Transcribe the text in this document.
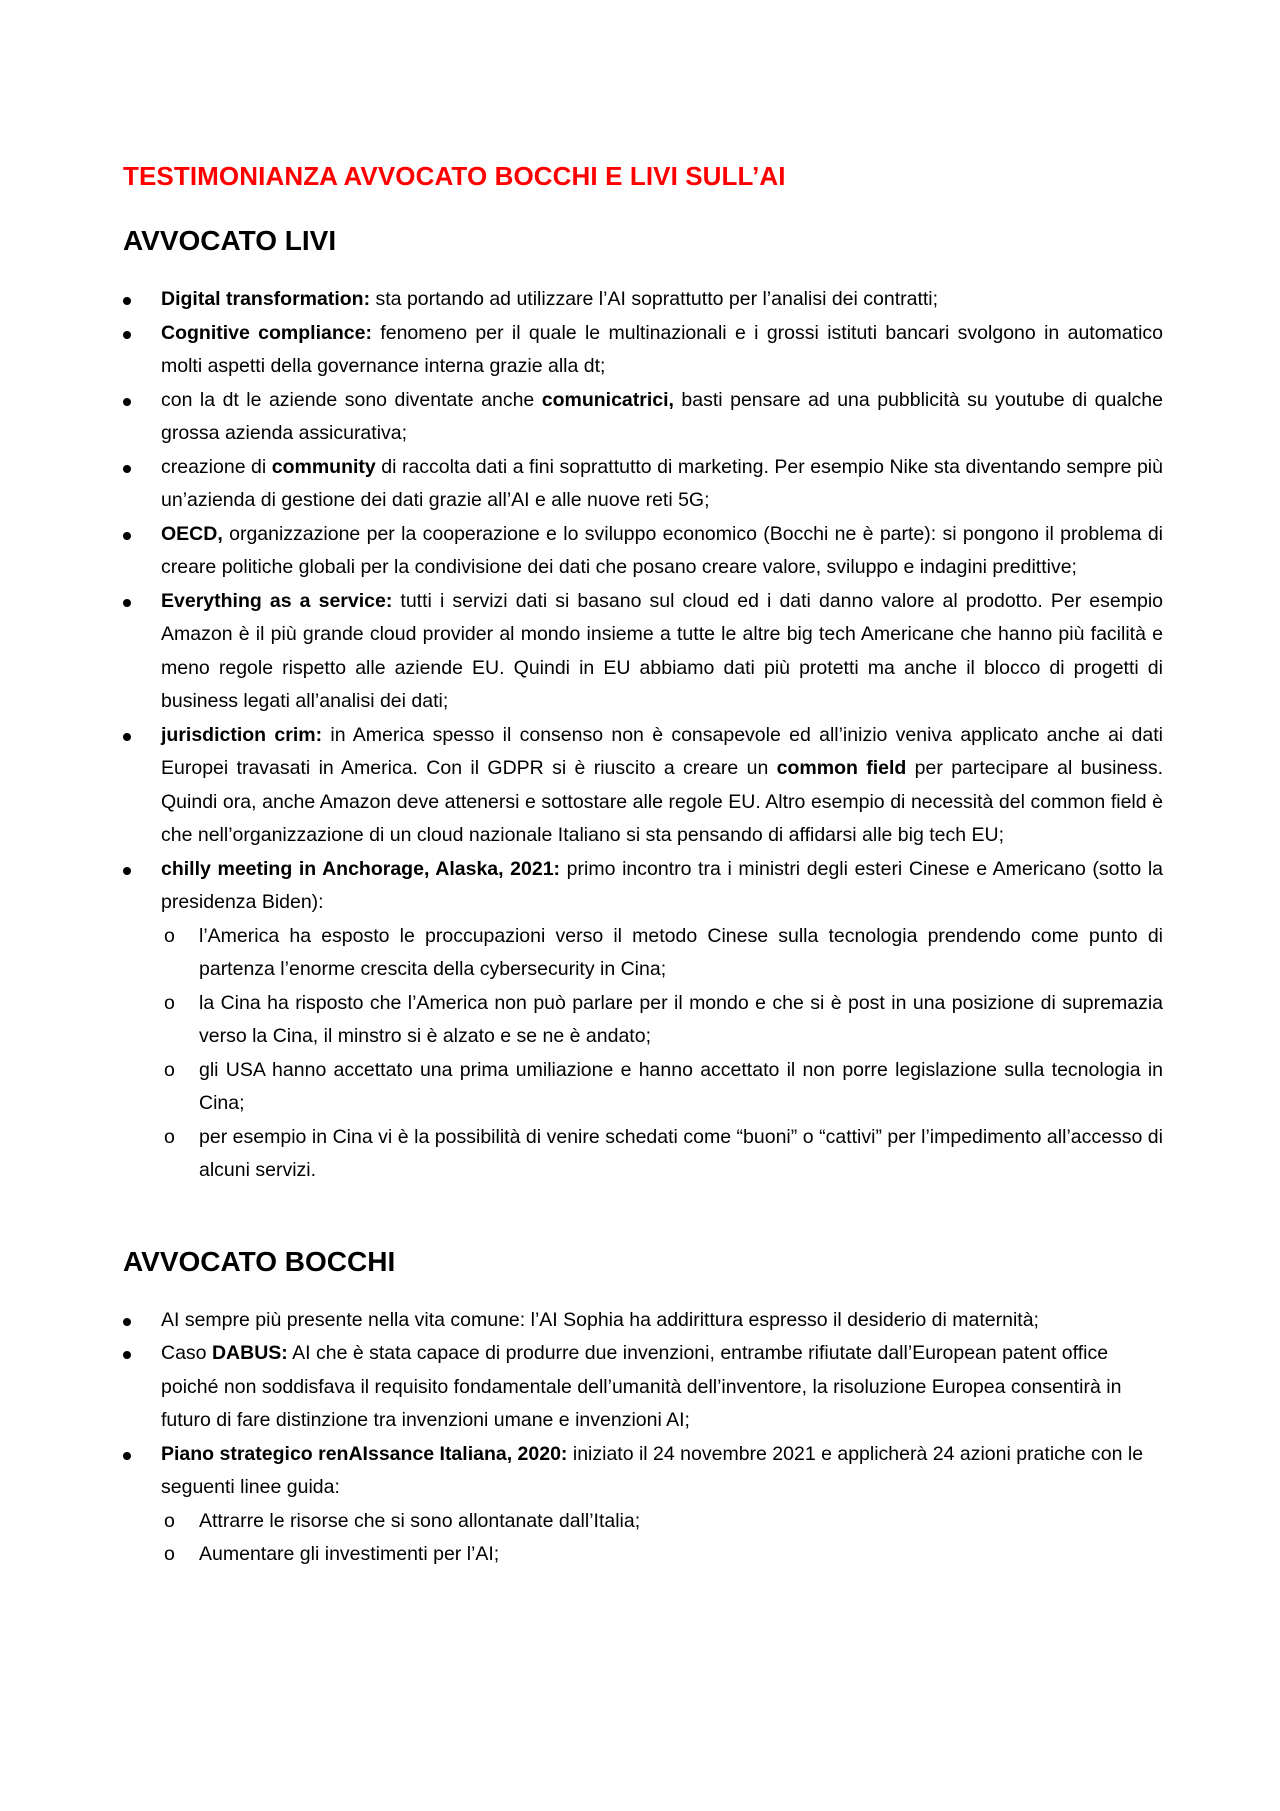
TESTIMONIANZA AVVOCATO BOCCHI E LIVI SULL’AI
AVVOCATO LIVI
Digital transformation: sta portando ad utilizzare l’AI soprattutto per l’analisi dei contratti;
Cognitive compliance: fenomeno per il quale le multinazionali e i grossi istituti bancari svolgono in automatico molti aspetti della governance interna grazie alla dt;
con la dt le aziende sono diventate anche comunicatrici, basti pensare ad una pubblicità su youtube di qualche grossa azienda assicurativa;
creazione di community di raccolta dati a fini soprattutto di marketing. Per esempio Nike sta diventando sempre più un’azienda di gestione dei dati grazie all’AI e alle nuove reti 5G;
OECD, organizzazione per la cooperazione e lo sviluppo economico (Bocchi ne è parte): si pongono il problema di creare politiche globali per la condivisione dei dati che posano creare valore, sviluppo e indagini predittive;
Everything as a service: tutti i servizi dati si basano sul cloud ed i dati danno valore al prodotto. Per esempio Amazon è il più grande cloud provider al mondo insieme a tutte le altre big tech Americane che hanno più facilità e meno regole rispetto alle aziende EU. Quindi in EU abbiamo dati più protetti ma anche il blocco di progetti di business legati all’analisi dei dati;
jurisdiction crim: in America spesso il consenso non è consapevole ed all’inizio veniva applicato anche ai dati Europei travasati in America. Con il GDPR si è riuscito a creare un common field per partecipare al business. Quindi ora, anche Amazon deve attenersi e sottostare alle regole EU. Altro esempio di necessità del common field è che nell’organizzazione di un cloud nazionale Italiano si sta pensando di affidarsi alle big tech EU;
chilly meeting in Anchorage, Alaska, 2021: primo incontro tra i ministri degli esteri Cinese e Americano (sotto la presidenza Biden):
o l’America ha esposto le proccupazioni verso il metodo Cinese sulla tecnologia prendendo come punto di partenza l’enorme crescita della cybersecurity in Cina;
o la Cina ha risposto che l’America non può parlare per il mondo e che si è post in una posizione di supremazia verso la Cina, il minstro si è alzato e se ne è andato;
o gli USA hanno accettato una prima umiliazione e hanno accettato il non porre legislazione sulla tecnologia in Cina;
o per esempio in Cina vi è la possibilità di venire schedati come “buoni” o “cattivi” per l’impedimento all’accesso di alcuni servizi.
AVVOCATO BOCCHI
AI sempre più presente nella vita comune: l’AI Sophia ha addirittura espresso il desiderio di maternità;
Caso DABUS: AI che è stata capace di produrre due invenzioni, entrambe rifiutate dall’European patent office poiché non soddisfava il requisito fondamentale dell’umanità dell’inventore, la risoluzione Europea consentirà in futuro di fare distinzione tra invenzioni umane e invenzioni AI;
Piano strategico renAIssance Italiana, 2020: iniziato il 24 novembre 2021 e applicherà 24 azioni pratiche con le seguenti linee guida:
o Attrarre le risorse che si sono allontanate dall’Italia;
o Aumentare gli investimenti per l’AI;
